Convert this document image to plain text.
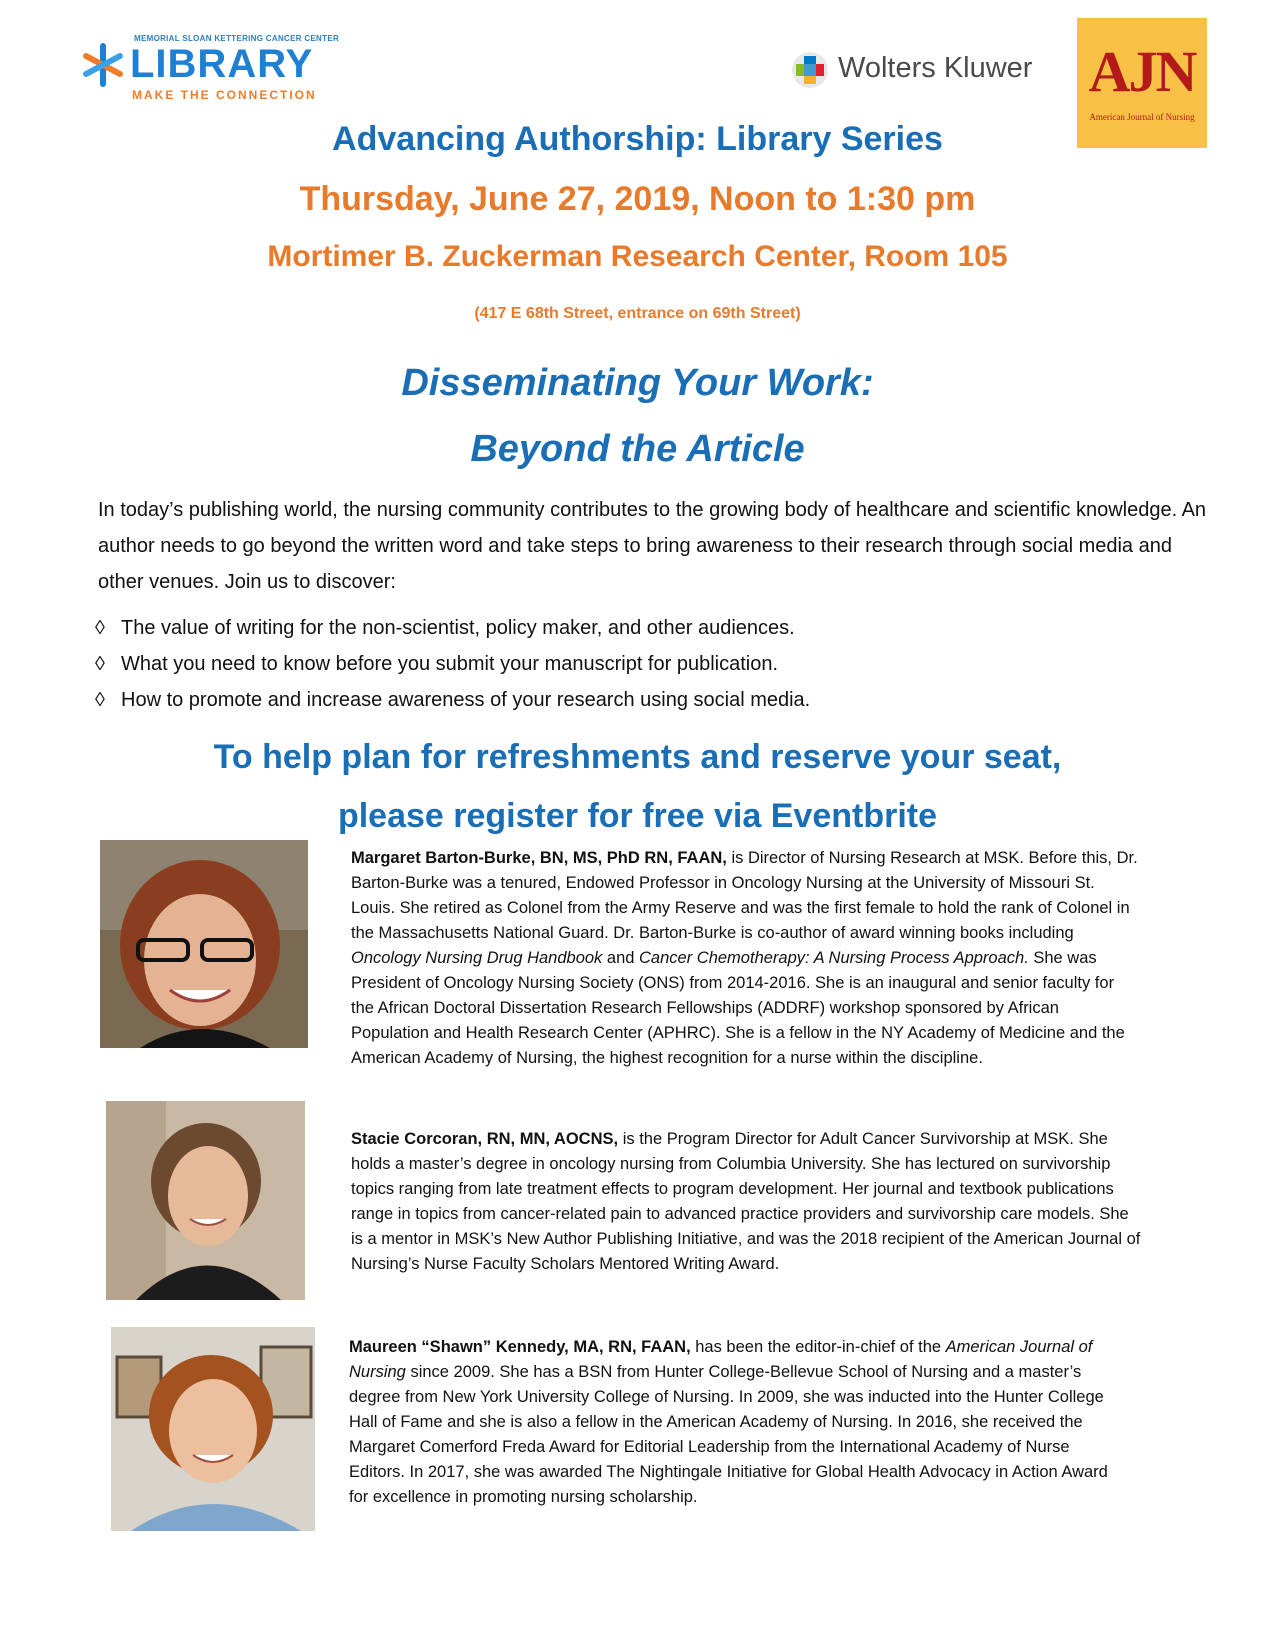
MEMORIAL SLOAN KETTERING CANCER CENTER
LIBRARY
MAKE THE CONNECTION
Wolters Kluwer AJN
American Journal of Nursing
Advancing Authorship: Library Series
Thursday, June 27, 2019, Noon to 1:30 pm
Mortimer B. Zuckerman Research Center, Room 105
(417 E 68th Street, entrance on 69th Street)
Disseminating Your Work:
Beyond the Article
In today’s publishing world, the nursing community contributes to the growing body of healthcare and scientific knowledge. An author needs to go beyond the written word and take steps to bring awareness to their research through social media and other venues. Join us to discover:
◊ The value of writing for the non-scientist, policy maker, and other audiences.
◊ What you need to know before you submit your manuscript for publication.
◊ How to promote and increase awareness of your research using social media.
To help plan for refreshments and reserve your seat,
please register for free via Eventbrite
Margaret Barton-Burke, BN, MS, PhD RN, FAAN, is Director of Nursing Research at MSK. Before this, Dr. Barton-Burke was a tenured, Endowed Professor in Oncology Nursing at the University of Missouri St. Louis. She retired as Colonel from the Army Reserve and was the first female to hold the rank of Colonel in the Massachusetts National Guard. Dr. Barton-Burke is co-author of award winning books including Oncology Nursing Drug Handbook and Cancer Chemotherapy: A Nursing Process Approach. She was President of Oncology Nursing Society (ONS) from 2014-2016. She is an inaugural and senior faculty for the African Doctoral Dissertation Research Fellowships (ADDRF) workshop sponsored by African Population and Health Research Center (APHRC). She is a fellow in the NY Academy of Medicine and the American Academy of Nursing, the highest recognition for a nurse within the discipline.
Stacie Corcoran, RN, MN, AOCNS, is the Program Director for Adult Cancer Survivorship at MSK. She holds a master’s degree in oncology nursing from Columbia University. She has lectured on survivorship topics ranging from late treatment effects to program development. Her journal and textbook publications range in topics from cancer-related pain to advanced practice providers and survivorship care models. She is a mentor in MSK’s New Author Publishing Initiative, and was the 2018 recipient of the American Journal of Nursing’s Nurse Faculty Scholars Mentored Writing Award.
Maureen “Shawn” Kennedy, MA, RN, FAAN, has been the editor-in-chief of the American Journal of Nursing since 2009. She has a BSN from Hunter College-Bellevue School of Nursing and a master’s degree from New York University College of Nursing. In 2009, she was inducted into the Hunter College Hall of Fame and she is also a fellow in the American Academy of Nursing. In 2016, she received the Margaret Comerford Freda Award for Editorial Leadership from the International Academy of Nurse Editors. In 2017, she was awarded The Nightingale Initiative for Global Health Advocacy in Action Award for excellence in promoting nursing scholarship.
